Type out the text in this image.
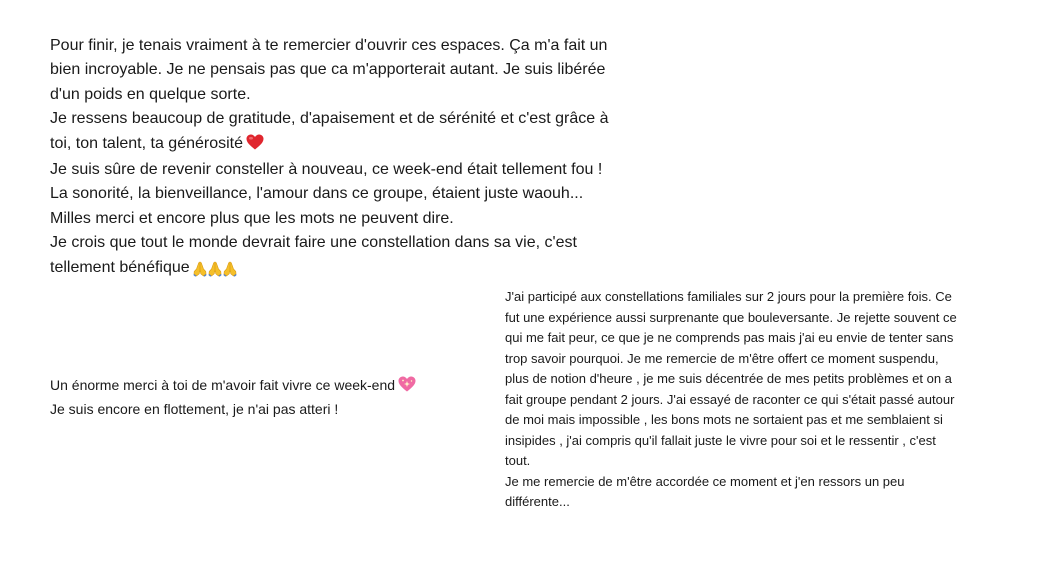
Pour finir, je tenais vraiment à te remercier d'ouvrir ces espaces. Ça m'a fait un
bien incroyable. Je ne pensais pas que ca m'apporterait autant. Je suis libérée
d'un poids en quelque sorte.
Je ressens beaucoup de gratitude, d'apaisement et de sérénité et c'est grâce à
toi, ton talent, ta générosité
Je suis sûre de revenir consteller à nouveau, ce week-end était tellement fou !
La sonorité, la bienveillance, l'amour dans ce groupe, étaient juste waouh...
Milles merci et encore plus que les mots ne peuvent dire.
Je crois que tout le monde devrait faire une constellation dans sa vie, c'est
tellement bénéfique
Un énorme merci à toi de m'avoir fait vivre ce week-end
Je suis encore en flottement, je n'ai pas atteri !
J'ai participé aux constellations familiales sur 2 jours pour la première fois. Ce
fut une expérience aussi surprenante que bouleversante. Je rejette souvent ce
qui me fait peur, ce que je ne comprends pas mais j'ai eu envie de tenter sans
trop savoir pourquoi. Je me remercie de m'être offert ce moment suspendu,
plus de notion d'heure , je me suis décentrée de mes petits problèmes et on a
fait groupe pendant 2 jours. J'ai essayé de raconter ce qui s'était passé autour
de moi mais impossible , les bons mots ne sortaient pas et me semblaient si
insipides , j'ai compris qu'il fallait juste le vivre pour soi et le ressentir , c'est
tout.
Je me remercie de m'être accordée ce moment et j'en ressors un peu
différente...
